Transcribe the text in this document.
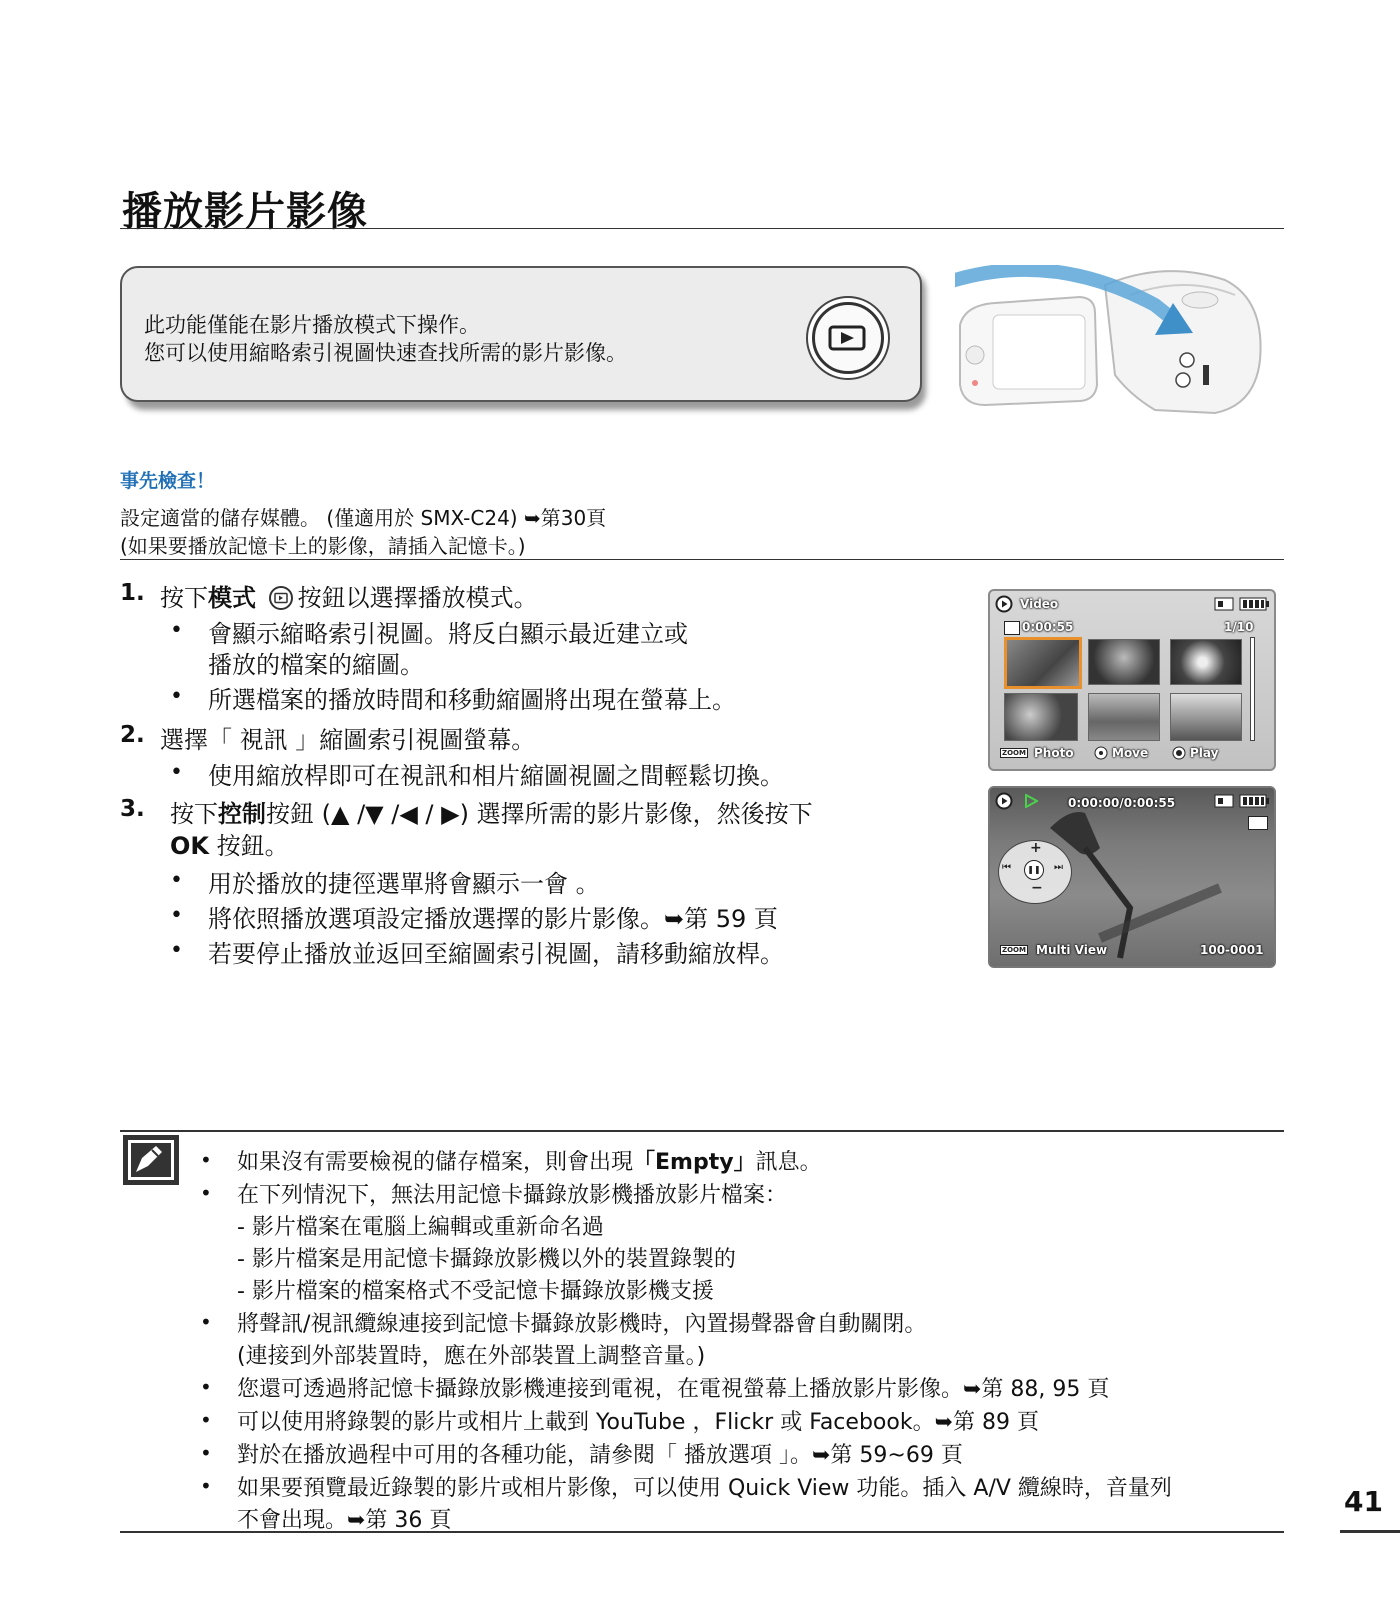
播放影片影像
此功能僅能在影片播放模式下操作。
您可以使用縮略索引視圖快速查找所需的影片影像。
事先檢查！
設定適當的儲存媒體。 (僅適用於 SMX-C24) ➥第30頁
(如果要播放記憶卡上的影像，請插入記憶卡。)
1. 按下模式 按鈕以選擇播放模式。
• 會顯示縮略索引視圖。將反白顯示最近建立或
播放的檔案的縮圖。
• 所選檔案的播放時間和移動縮圖將出現在螢幕上。
2. 選擇「 視訊 」縮圖索引視圖螢幕。
• 使用縮放桿即可在視訊和相片縮圖視圖之間輕鬆切換。
3. 按下控制按鈕 (▲ /▼ /◀ / ▶) 選擇所需的影片影像，然後按下
OK 按鈕。
• 用於播放的捷徑選單將會顯示一會 。
• 將依照播放選項設定播放選擇的影片影像。➥第 59 頁
• 若要停止播放並返回至縮圖索引視圖，請移動縮放桿。
Video
0:00:55	1/10
ZOOM Photo	Move	Play
0:00:00/0:00:55
+
−
⏮	⏭
❚❚
ZOOM Multi View	100-0001
• 如果沒有需要檢視的儲存檔案，則會出現「Empty」訊息。
• 在下列情況下，無法用記憶卡攝錄放影機播放影片檔案：
- 影片檔案在電腦上編輯或重新命名過
- 影片檔案是用記憶卡攝錄放影機以外的裝置錄製的
- 影片檔案的檔案格式不受記憶卡攝錄放影機支援
• 將聲訊/視訊纜線連接到記憶卡攝錄放影機時，內置揚聲器會自動關閉。
(連接到外部裝置時，應在外部裝置上調整音量。)
• 您還可透過將記憶卡攝錄放影機連接到電視，在電視螢幕上播放影片影像。➥第 88, 95 頁
• 可以使用將錄製的影片或相片上載到 YouTube ，Flickr 或 Facebook。➥第 89 頁
• 對於在播放過程中可用的各種功能，請參閱「 播放選項 」。➥第 59~69 頁
• 如果要預覽最近錄製的影片或相片影像，可以使用 Quick View 功能。插入 A/V 纜線時，音量列
不會出現。➥第 36 頁
41
